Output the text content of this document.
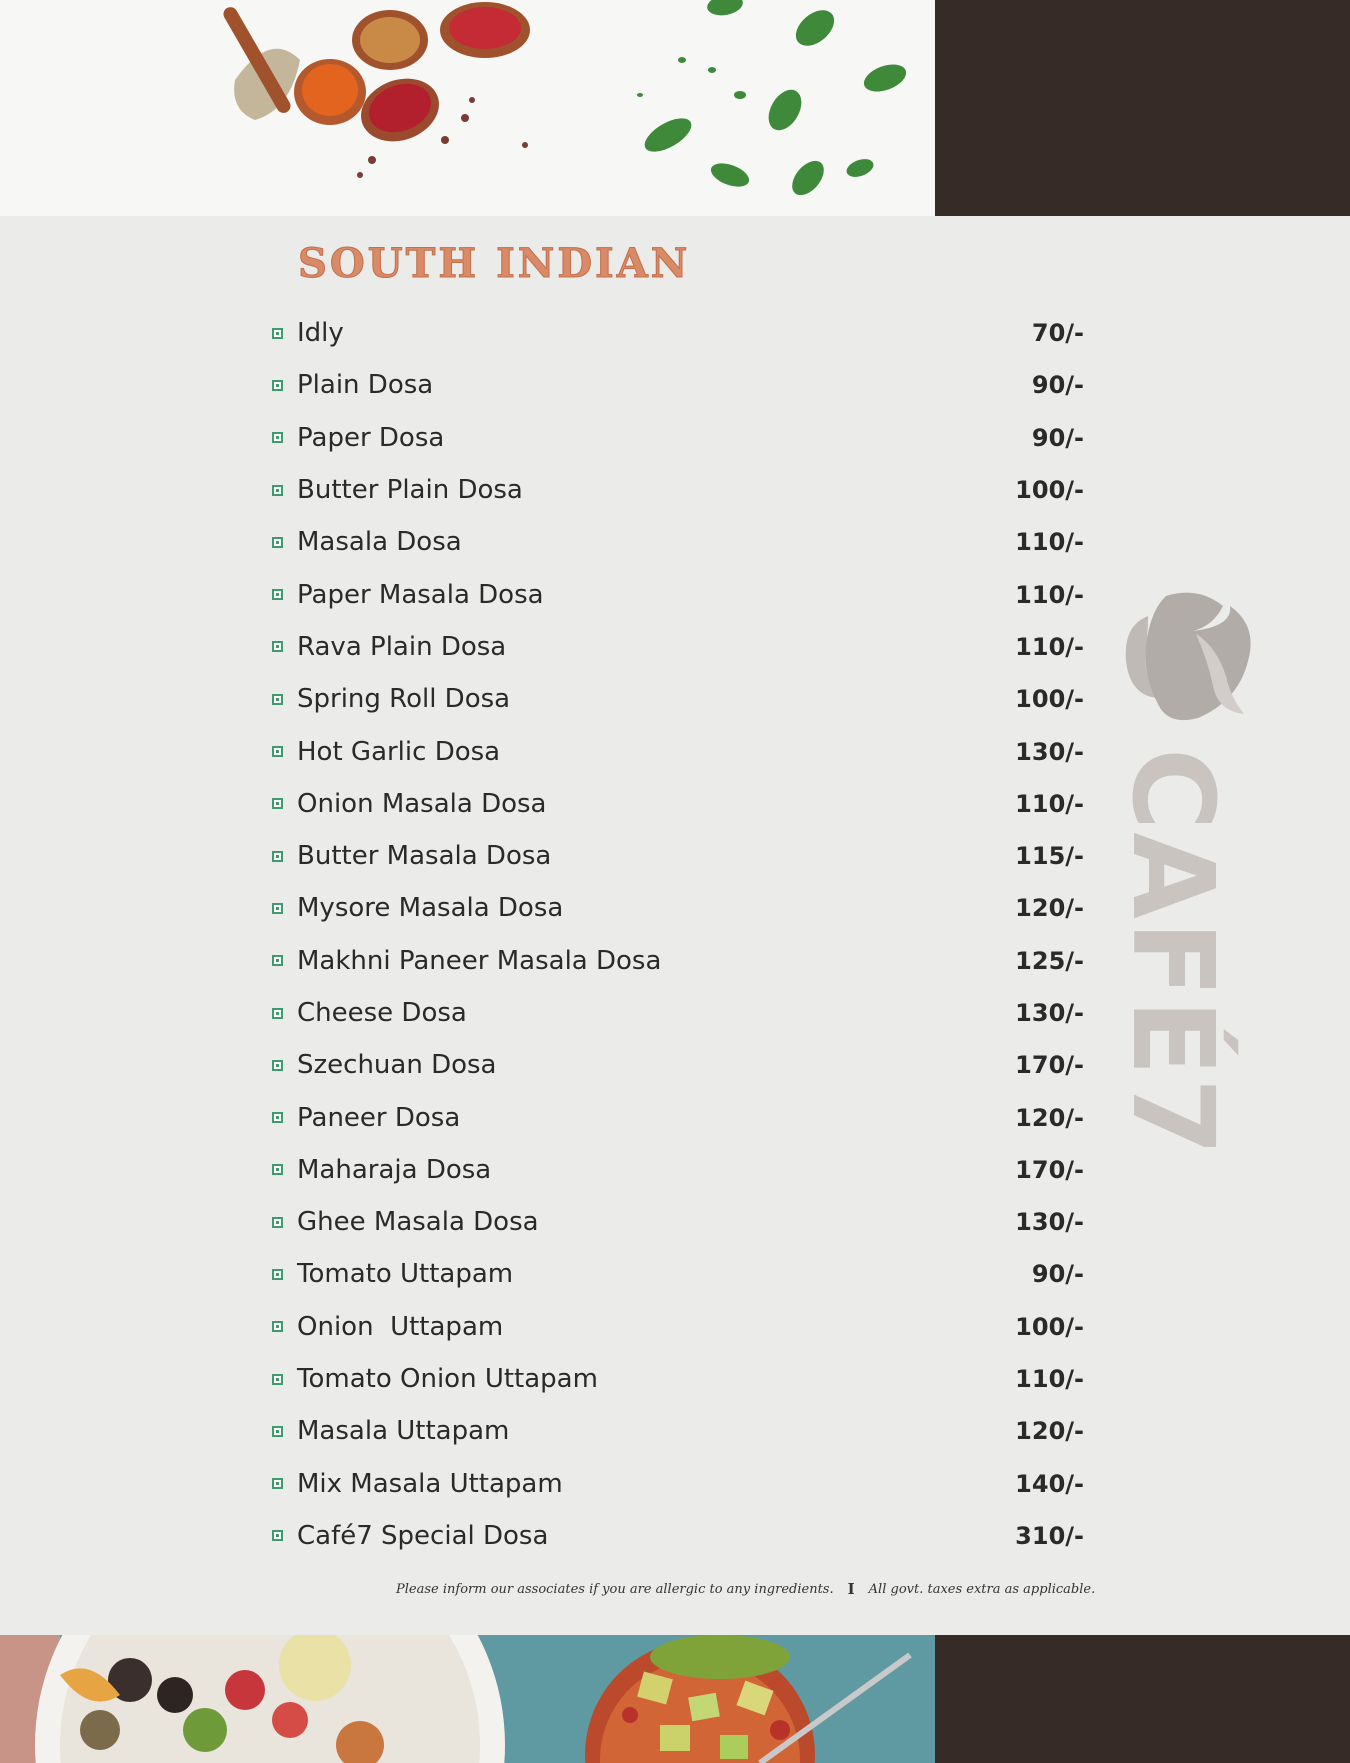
SOUTH INDIAN
Idly	70/-
Plain Dosa	90/-
Paper Dosa	90/-
Butter Plain Dosa	100/-
Masala Dosa	110/-
Paper Masala Dosa	110/-
Rava Plain Dosa	110/-
Spring Roll Dosa	100/-
Hot Garlic Dosa	130/-
Onion Masala Dosa	110/-
Butter Masala Dosa	115/-
Mysore Masala Dosa	120/-
Makhni Paneer Masala Dosa	125/-
Cheese Dosa	130/-
Szechuan Dosa	170/-
Paneer Dosa	120/-
Maharaja Dosa	170/-
Ghee Masala Dosa	130/-
Tomato Uttapam	90/-
Onion  Uttapam	100/-
Tomato Onion Uttapam	110/-
Masala Uttapam	120/-
Mix Masala Uttapam	140/-
Café7 Special Dosa	310/-
CAFÉ7
Please inform our associates if you are allergic to any ingredients. I All govt. taxes extra as applicable.
